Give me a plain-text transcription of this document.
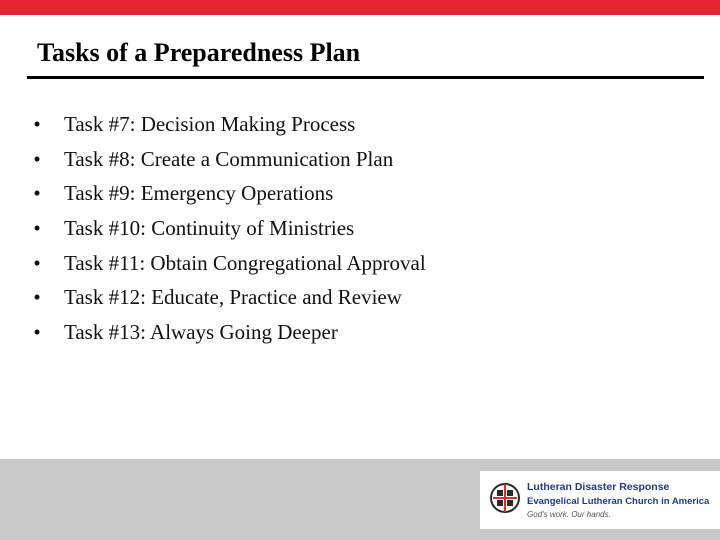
Tasks of a Preparedness Plan
• Task #7: Decision Making Process
• Task #8: Create a Communication Plan
• Task #9: Emergency Operations
• Task #10: Continuity of Ministries
• Task #11: Obtain Congregational Approval
• Task #12: Educate, Practice and Review
• Task #13: Always Going Deeper
Lutheran Disaster Response
Evangelical Lutheran Church in America
God's work. Our hands.
